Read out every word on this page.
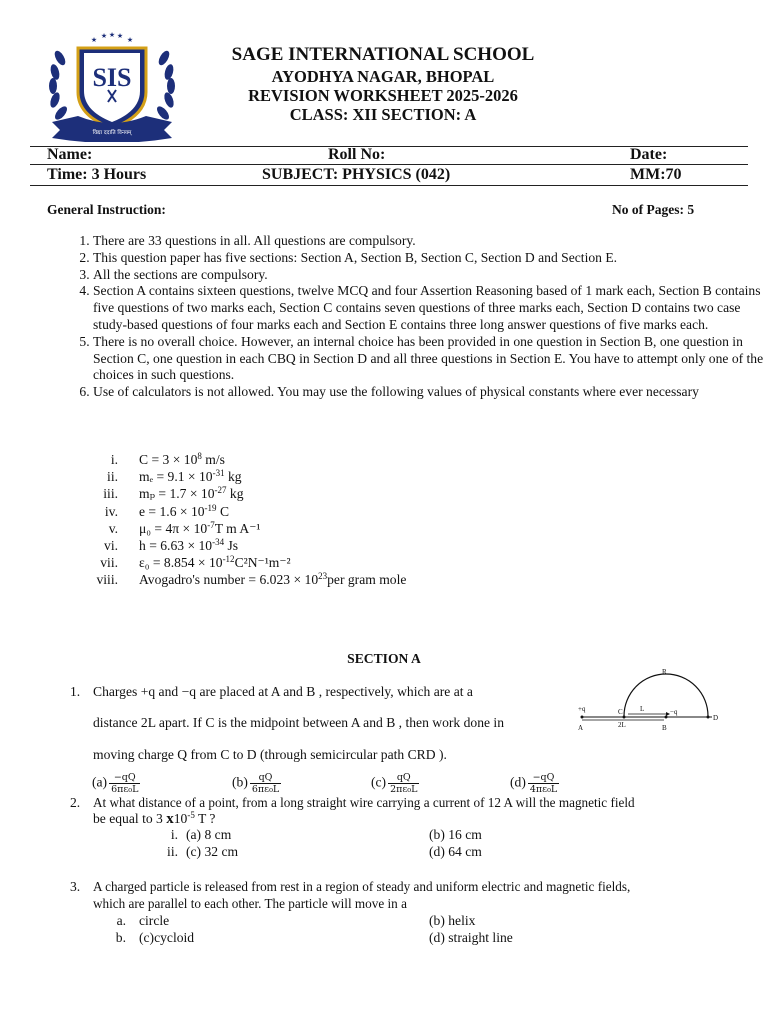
★ ★ ★ ★ ★
SIS
विद्या ददाति विनयम्
SAGE INTERNATIONAL SCHOOL
AYODHYA NAGAR, BHOPAL
REVISION WORKSHEET 2025-2026
CLASS: XII SECTION: A
Name:	Roll No:	Date:
Time: 3 Hours	SUBJECT: PHYSICS (042)	MM:70
General Instruction:	No of Pages: 5
1. There are 33 questions in all. All questions are compulsory.
2. This question paper has five sections: Section A, Section B, Section C, Section D and Section E.
3. All the sections are compulsory.
4. Section A contains sixteen questions, twelve MCQ and four Assertion Reasoning based of 1 mark each, Section B contains five questions of two marks each, Section C contains seven questions of three marks each, Section D contains two case study-based questions of four marks each and Section E contains three long answer questions of five marks each.
5. There is no overall choice. However, an internal choice has been provided in one question in Section B, one question in Section C, one question in each CBQ in Section D and all three questions in Section E. You have to attempt only one of the choices in such questions.
6. Use of calculators is not allowed. You may use the following values of physical constants where ever necessary
i. $C = 3 \times 10^8$ m/s
ii. $m_e = 9.1 \times 10^{-31}$ kg
iii. $m_p = 1.7 \times 10^{-27}$ kg
iv. $e = 1.6 \times 10^{-19}$ C
v. $\mu_0 = 4\pi \times 10^{-7}T$ m A⁻¹
vi. $h = 6.63 \times 10^{-34}$ Js
vii. $\varepsilon_0 = 8.854 \times 10^{-12}C^2N^{-1}m^{-2}$
viii. Avogadro's number = $6.023 \times 10^{23}per$ gram mole
SECTION A
1. Charges +q and −q are placed at A and B , respectively, which are at a
distance 2L apart. If C is the midpoint between A and B , then work done in
moving charge Q from C to D (through semicircular path CRD ).
R
C L	−q
+q
D
A	2L	B
$(a) \frac{-qQ}{\text{6πε₀L}}$	$(b) \frac{qQ}{\text{6πε₀L}}$	$(c) \frac{qQ}{\text{2πε₀L}}$	$(d) \frac{-qQ}{\text{4πε₀L}}$
2. At what distance of a point, from a long straight wire carrying a current of 12 A will the magnetic field
be equal to 3 $x10^{-5}$ T ?
i. (a) 8 cm	(b) 16 cm
ii. (c) 32 cm	(d) 64 cm
3. A charged particle is released from rest in a region of steady and uniform electric and magnetic fields,
which are parallel to each other. The particle will move in a
a. circle	(b) helix
b. (c)cycloid	(d) straight line
